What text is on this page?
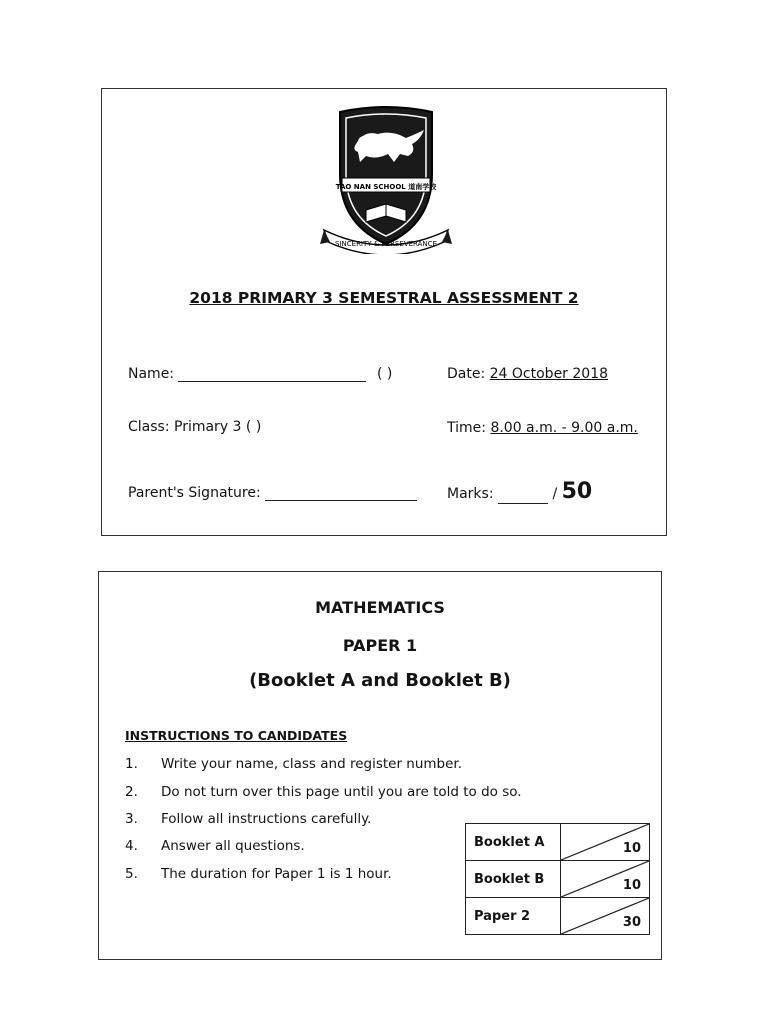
TAO NAN SCHOOL 道南学校
SINCERITY & PERSEVERANCE
2018 PRIMARY 3 SEMESTRAL ASSESSMENT 2
Name:	( )	Date: 24 October 2018
Class: Primary 3 ( )	Time: 8.00 a.m. - 9.00 a.m.
Parent's Signature:	Marks:	/ 50
MATHEMATICS
PAPER 1
(Booklet A and Booklet B)
INSTRUCTIONS TO CANDIDATES
1. Write your name, class and register number.
2. Do not turn over this page until you are told to do so.
3. Follow all instructions carefully.
4. Answer all questions.
5. The duration for Paper 1 is 1 hour.
Booklet A	10

Booklet B	10

Paper 2	30
